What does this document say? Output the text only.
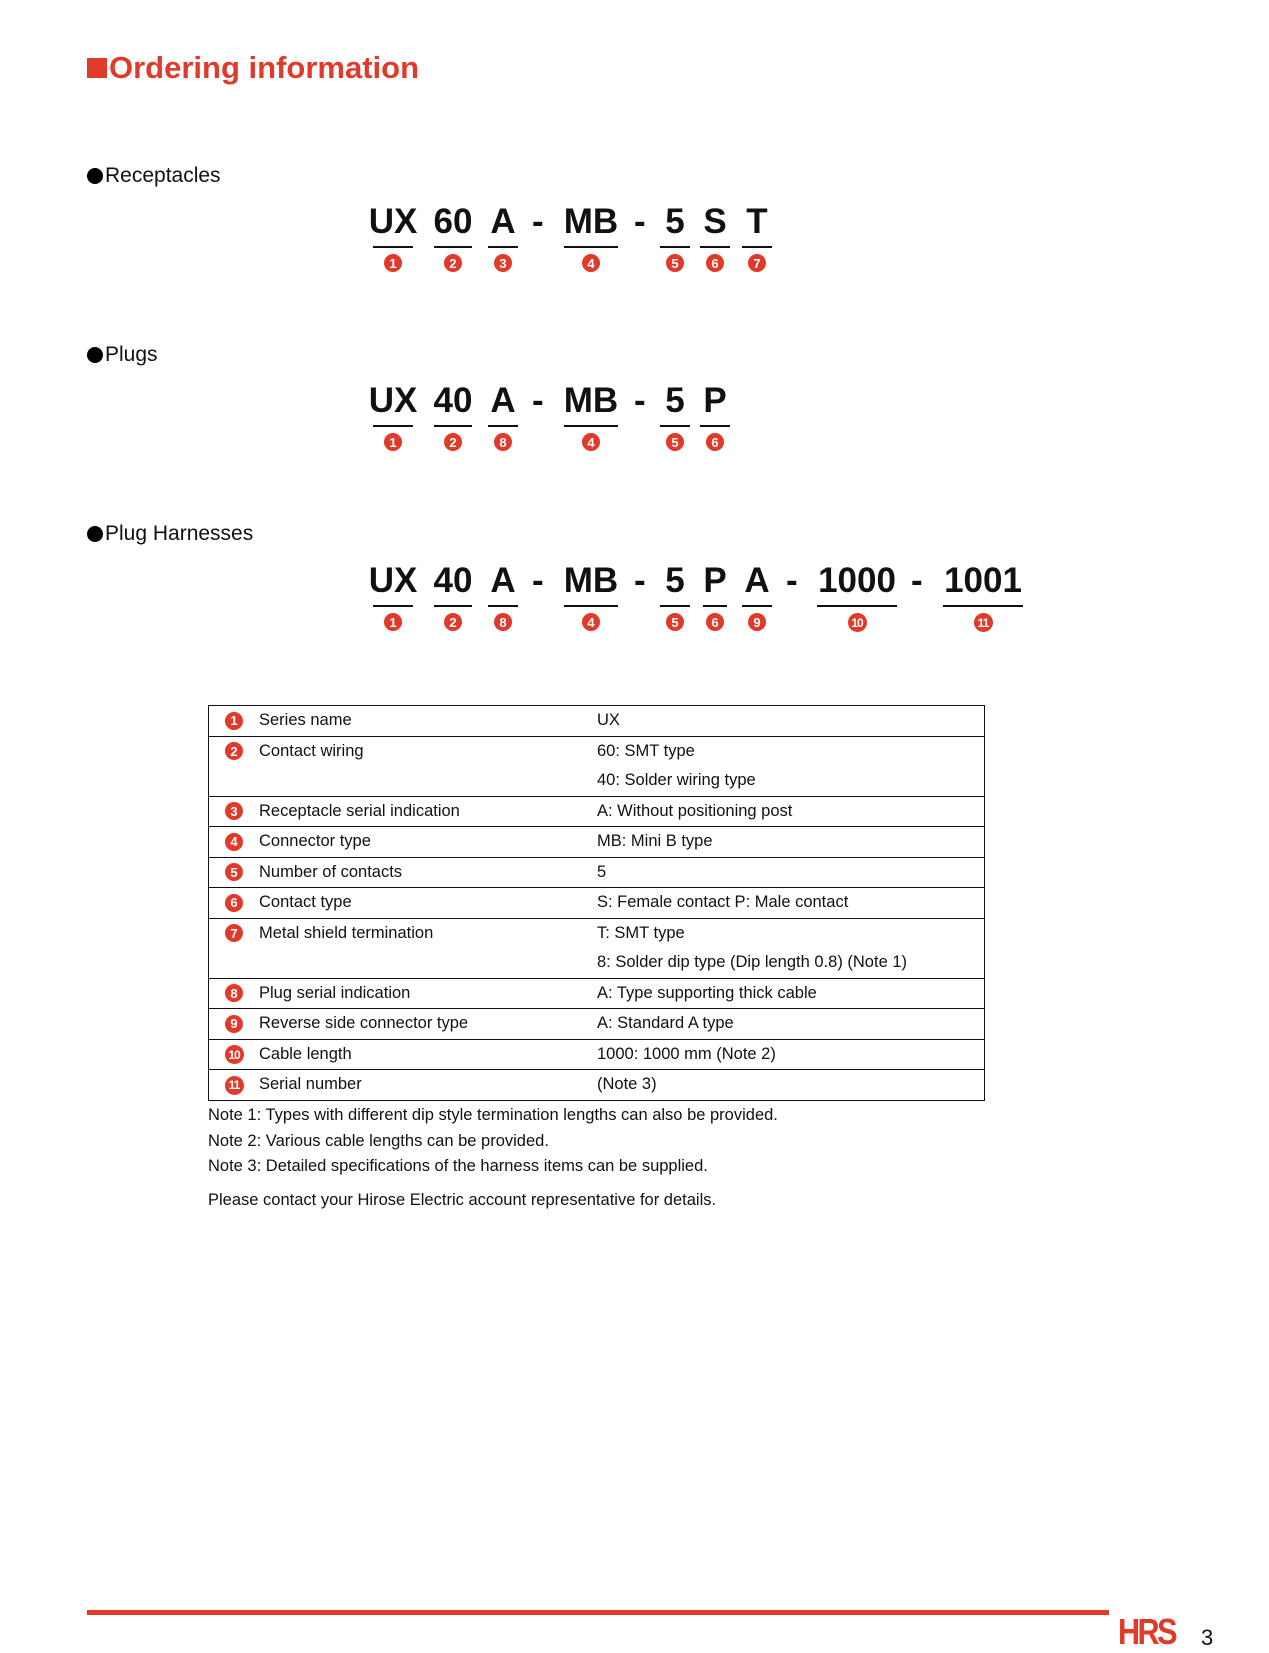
Ordering information
Receptacles
UX
1
60
2
A
3
- MB
4
- 5
5
S
6
T
7
Plugs
UX
1
40
2
A
8
- MB
4
- 5
5
P
6
Plug Harnesses
UX
1
40
2
A
8
- MB
4
- 5
5
P
6
A
9
- 1000
10
- 1001
11
1	Series name	UX
2	Contact wiring	60: SMT type
		40: Solder wiring type
3	Receptacle serial indication	A: Without positioning post
4	Connector type	MB: Mini B type
5	Number of contacts	5
6	Contact type	S: Female contact P: Male contact
7	Metal shield termination	T: SMT type
		8: Solder dip type (Dip length 0.8) (Note 1)
8	Plug serial indication	A: Type supporting thick cable
9	Reverse side connector type	A: Standard A type
10	Cable length	1000: 1000 mm (Note 2)
11	Serial number	(Note 3)
Note 1: Types with different dip style termination lengths can also be provided.
Note 2: Various cable lengths can be provided.
Note 3: Detailed specifications of the harness items can be supplied.
Please contact your Hirose Electric account representative for details.
HRS 3
